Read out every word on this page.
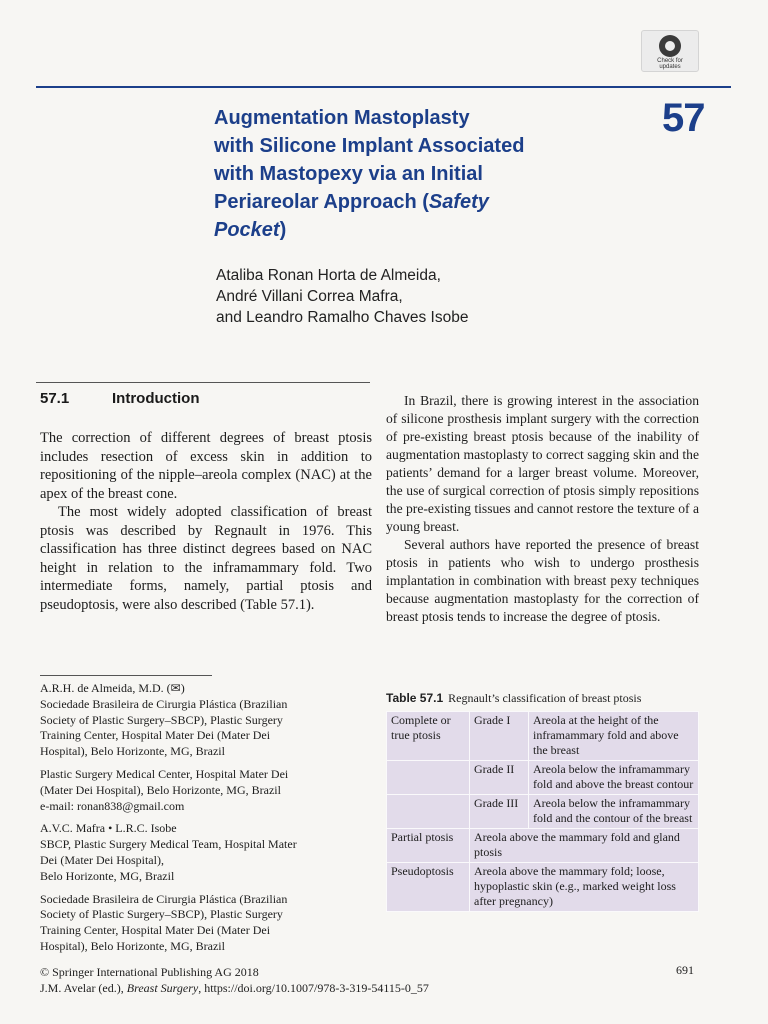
Check for
updates
57
Augmentation Mastoplasty
with Silicone Implant Associated
with Mastopexy via an Initial
Periareolar Approach (Safety
Pocket)
Ataliba Ronan Horta de Almeida,
André Villani Correa Mafra,
and Leandro Ramalho Chaves Isobe
57.1	Introduction

The correction of different degrees of breast ptosis includes resection of excess skin in addition to repositioning of the nipple–areola complex (NAC) at the apex of the breast cone.

The most widely adopted classification of breast ptosis was described by Regnault in 1976. This classification has three distinct degrees based on NAC height in relation to the inframammary fold. Two intermediate forms, namely, partial ptosis and pseudoptosis, were also described (Table 57.1).

In Brazil, there is growing interest in the association of silicone prosthesis implant surgery with the correction of pre-existing breast ptosis because of the inability of augmentation mastoplasty to correct sagging skin and the patients’ demand for a larger breast volume. Moreover, the use of surgical correction of ptosis simply repositions the pre-existing tissues and cannot restore the texture of a young breast.

Several authors have reported the presence of breast ptosis in patients who wish to undergo prosthesis implantation in combination with breast pexy techniques because augmentation mastoplasty for the correction of breast ptosis tends to increase the degree of ptosis.

A.R.H. de Almeida, M.D. (✉)
Sociedade Brasileira de Cirurgia Plástica (Brazilian
Society of Plastic Surgery–SBCP), Plastic Surgery
Training Center, Hospital Mater Dei (Mater Dei
Hospital), Belo Horizonte, MG, Brazil
Plastic Surgery Medical Center, Hospital Mater Dei
(Mater Dei Hospital), Belo Horizonte, MG, Brazil
e-mail: ronan838@gmail.com
A.V.C. Mafra • L.R.C. Isobe
SBCP, Plastic Surgery Medical Team, Hospital Mater
Dei (Mater Dei Hospital),
Belo Horizonte, MG, Brazil
Sociedade Brasileira de Cirurgia Plástica (Brazilian
Society of Plastic Surgery–SBCP), Plastic Surgery
Training Center, Hospital Mater Dei (Mater Dei
Hospital), Belo Horizonte, MG, Brazil
Table 57.1 Regnault’s classification of breast ptosis
Complete or true ptosis	Grade I	Areola at the height of the inframammary fold and above the breast
	Grade II	Areola below the inframammary fold and above the breast contour
	Grade III	Areola below the inframammary fold and the contour of the breast
Partial ptosis	Areola above the mammary fold and gland ptosis	
Pseudoptosis	Areola above the mammary fold; loose, hypoplastic skin (e.g., marked weight loss after pregnancy)	
© Springer International Publishing AG 2018
J.M. Avelar (ed.), Breast Surgery, https://doi.org/10.1007/978-3-319-54115-0_57
691
